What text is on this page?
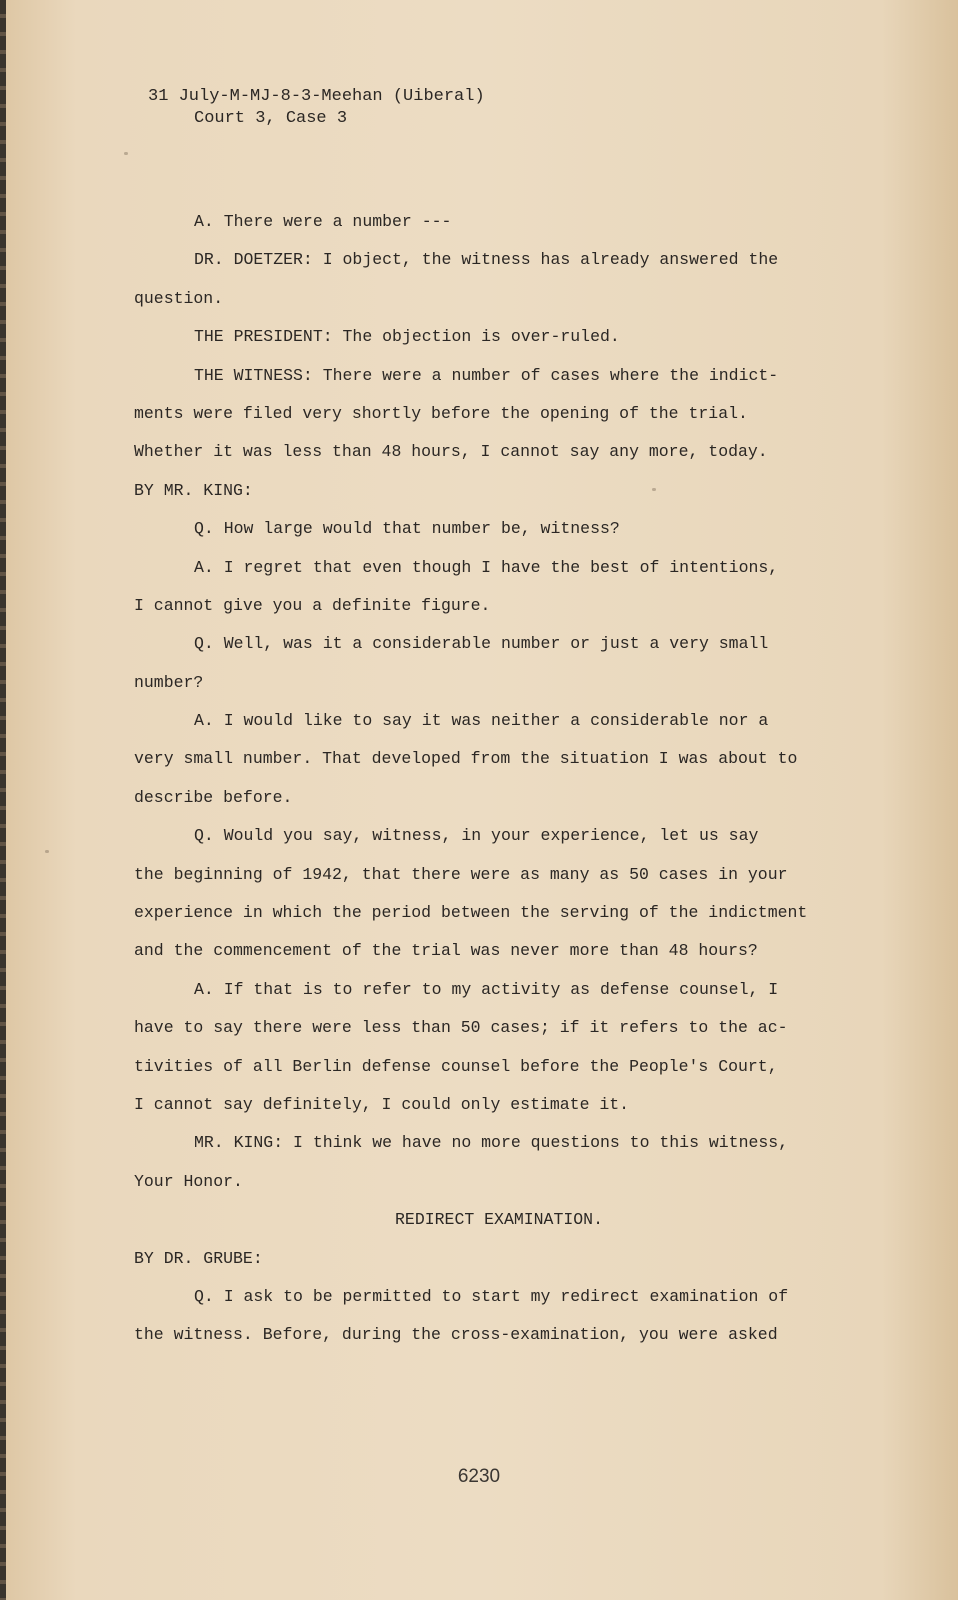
31 July-M-MJ-8-3-Meehan (Uiberal)
Court 3, Case 3
A. There were a number ---
DR. DOETZER: I object, the witness has already answered the
question.
THE PRESIDENT: The objection is over-ruled.
THE WITNESS: There were a number of cases where the indict-
ments were filed very shortly before the opening of the trial.
Whether it was less than 48 hours, I cannot say any more, today.
BY MR. KING:
Q. How large would that number be, witness?
A. I regret that even though I have the best of intentions,
I cannot give you a definite figure.
Q. Well, was it a considerable number or just a very small
number?
A. I would like to say it was neither a considerable nor a
very small number. That developed from the situation I was about to
describe before.
Q. Would you say, witness, in your experience, let us say
the beginning of 1942, that there were as many as 50 cases in your
experience in which the period between the serving of the indictment
and the commencement of the trial was never more than 48 hours?
A. If that is to refer to my activity as defense counsel, I
have to say there were less than 50 cases; if it refers to the ac-
tivities of all Berlin defense counsel before the People's Court,
I cannot say definitely, I could only estimate it.
MR. KING: I think we have no more questions to this witness,
Your Honor.
REDIRECT EXAMINATION.
BY DR. GRUBE:
Q. I ask to be permitted to start my redirect examination of
the witness. Before, during the cross-examination, you were asked
6230
